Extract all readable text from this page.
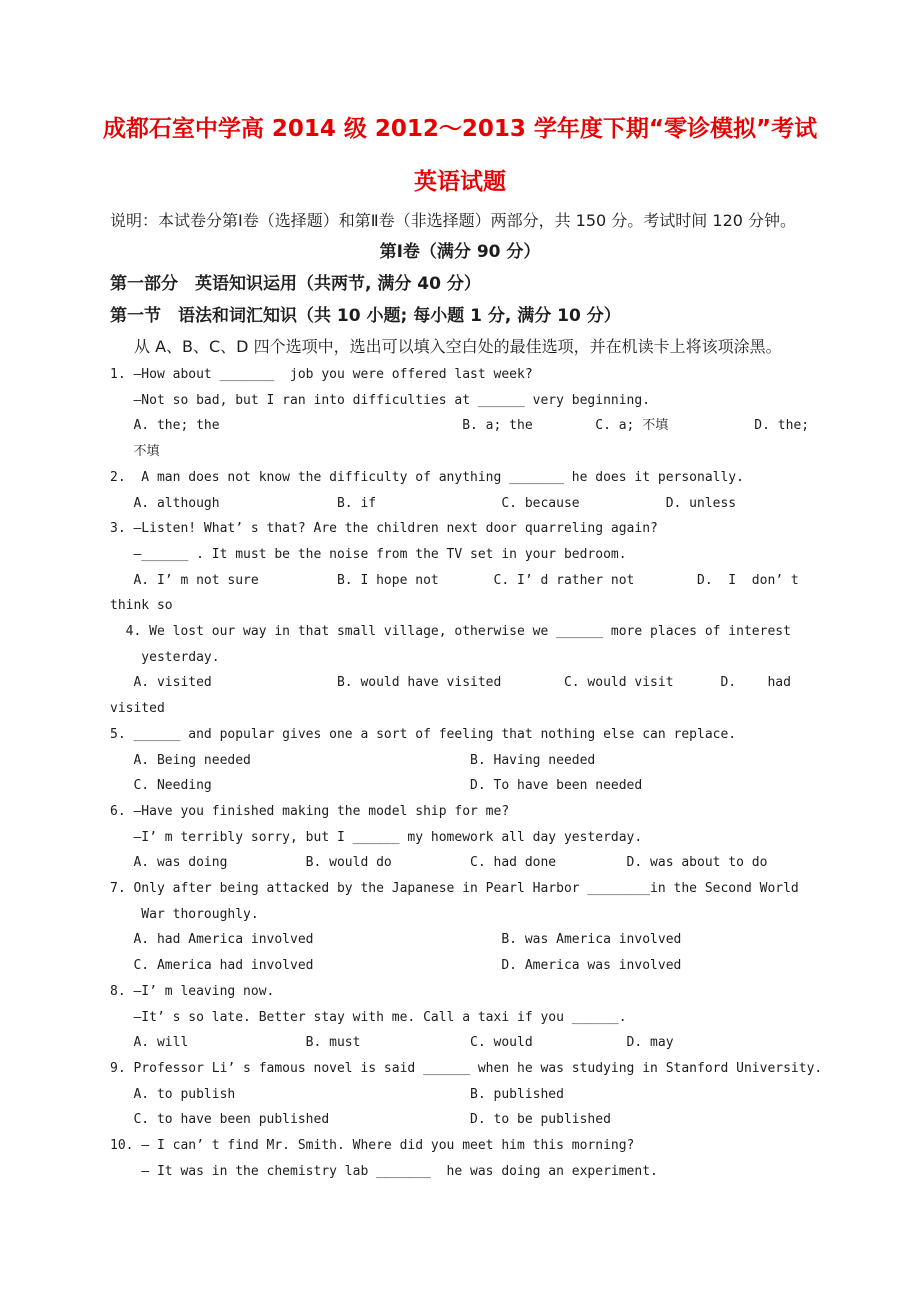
成都石室中学高 2014 级 2012～2013 学年度下期“零诊模拟”考试
英语试题
说明：本试卷分第Ⅰ卷（选择题）和第Ⅱ卷（非选择题）两部分，共 150 分。考试时间 120 分钟。
第Ⅰ卷（满分 90 分）
第一部分　英语知识运用（共两节, 满分 40 分）
第一节　语法和词汇知识（共 10 小题; 每小题 1 分, 满分 10 分）
从 A、B、C、D 四个选项中，选出可以填入空白处的最佳选项，并在机读卡上将该项涂黑。
1. —How about _______  job you were offered last week?
—Not so bad, but I ran into difficulties at ______ very beginning.
A. the; the                               B. a; the        C. a; 不填           D. the;
不填
2.  A man does not know the difficulty of anything _______ he does it personally.
A. although               B. if                C. because           D. unless
3. —Listen! What’ s that? Are the children next door quarreling again?
—______ . It must be the noise from the TV set in your bedroom.
A. I’ m not sure          B. I hope not       C. I’ d rather not        D.  I  don’ t
think so
4. We lost our way in that small village, otherwise we ______ more places of interest
yesterday.
A. visited                B. would have visited        C. would visit      D.    had
visited
5. ______ and popular gives one a sort of feeling that nothing else can replace.
A. Being needed                            B. Having needed
C. Needing                                 D. To have been needed
6. —Have you finished making the model ship for me?
—I’ m terribly sorry, but I ______ my homework all day yesterday.
A. was doing          B. would do          C. had done         D. was about to do
7. Only after being attacked by the Japanese in Pearl Harbor ________in the Second World
War thoroughly.
A. had America involved                        B. was America involved
C. America had involved                        D. America was involved
8. —I’ m leaving now.
—It’ s so late. Better stay with me. Call a taxi if you ______.
A. will               B. must              C. would            D. may
9. Professor Li’ s famous novel is said ______ when he was studying in Stanford University.
A. to publish                              B. published
C. to have been published                  D. to be published
10. — I can’ t find Mr. Smith. Where did you meet him this morning?
— It was in the chemistry lab _______  he was doing an experiment.
